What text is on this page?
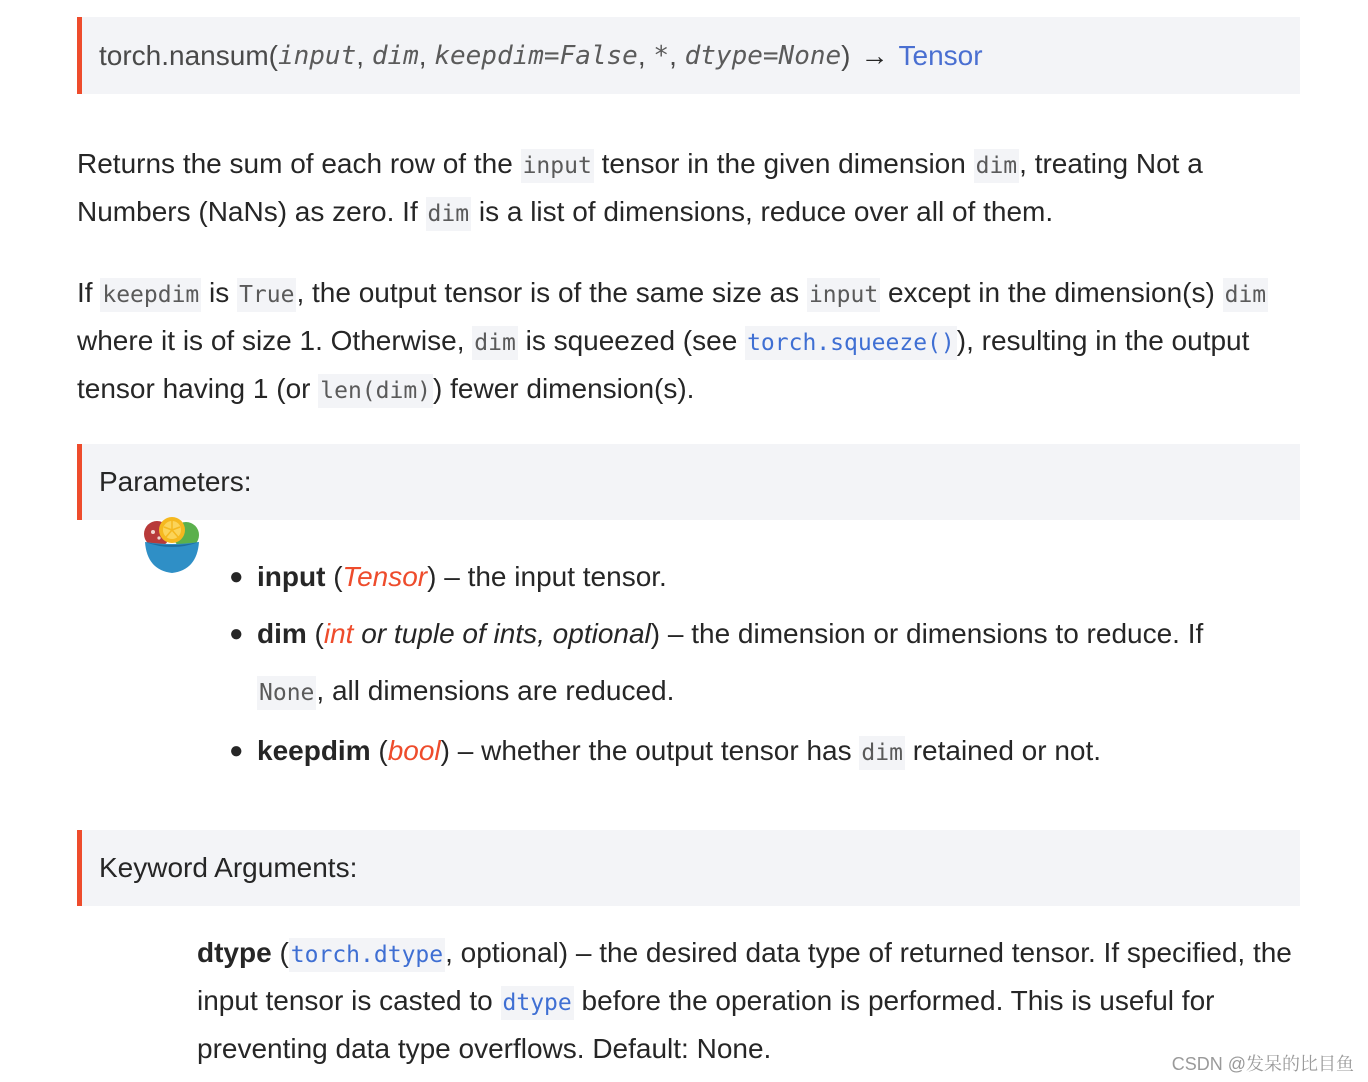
torch.nansum ( input , dim , keepdim=False , * , dtype=None ) → Tensor

Returns the sum of each row of the input tensor in the given dimension dim, treating Not a Numbers (NaNs) as zero. If dim is a list of dimensions, reduce over all of them.

If keepdim is True, the output tensor is of the same size as input except in the dimension(s) dim where it is of size 1. Otherwise, dim is squeezed (see torch.squeeze()), resulting in the output tensor having 1 (or len(dim)) fewer dimension(s).

Parameters:
● input (Tensor) – the input tensor.
● dim (int or tuple of ints, optional) – the dimension or dimensions to reduce. If
None, all dimensions are reduced.
● keepdim (bool) – whether the output tensor has dim retained or not.
Keyword Arguments:

dtype (torch.dtype, optional) – the desired data type of returned tensor. If specified, the input tensor is casted to dtype before the operation is performed. This is useful for preventing data type overflows. Default: None.	CSDN @发呆的比目鱼
